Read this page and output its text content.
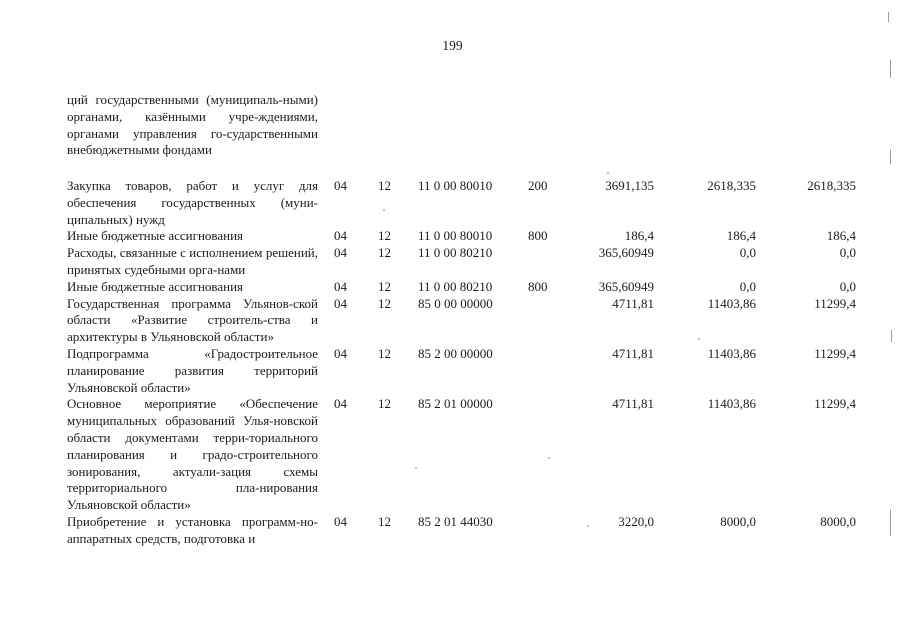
199
ций государственными (муниципаль-ными) органами, казёнными учре-ждениями, органами управления го-сударственными внебюджетными фондами							
Закупка товаров, работ и услуг для обеспечения государственных (муни-ципальных) нужд	04	12	11 0 00 80010	200	3691,135	2618,335	2618,335
Иные бюджетные ассигнования	04	12	11 0 00 80010	800	186,4	186,4	186,4
Расходы, связанные с исполнением решений, принятых судебными орга-нами	04	12	11 0 00 80210		365,60949	0,0	0,0
Иные бюджетные ассигнования	04	12	11 0 00 80210	800	365,60949	0,0	0,0
Государственная программа Ульянов-ской области «Развитие строитель-ства и архитектуры в Ульяновской области»	04	12	85 0 00 00000		4711,81	11403,86	11299,4
Подпрограмма «Градостроительное планирование развития территорий Ульяновской области»	04	12	85 2 00 00000		4711,81	11403,86	11299,4
Основное мероприятие «Обеспечение муниципальных образований Улья-новской области документами терри-ториального планирования и градо-строительного зонирования, актуали-зация схемы территориального пла-нирования Ульяновской области»	04	12	85 2 01 00000		4711,81	11403,86	11299,4
Приобретение и установка программ-но-аппаратных средств, подготовка и	04	12	85 2 01 44030		3220,0	8000,0	8000,0
